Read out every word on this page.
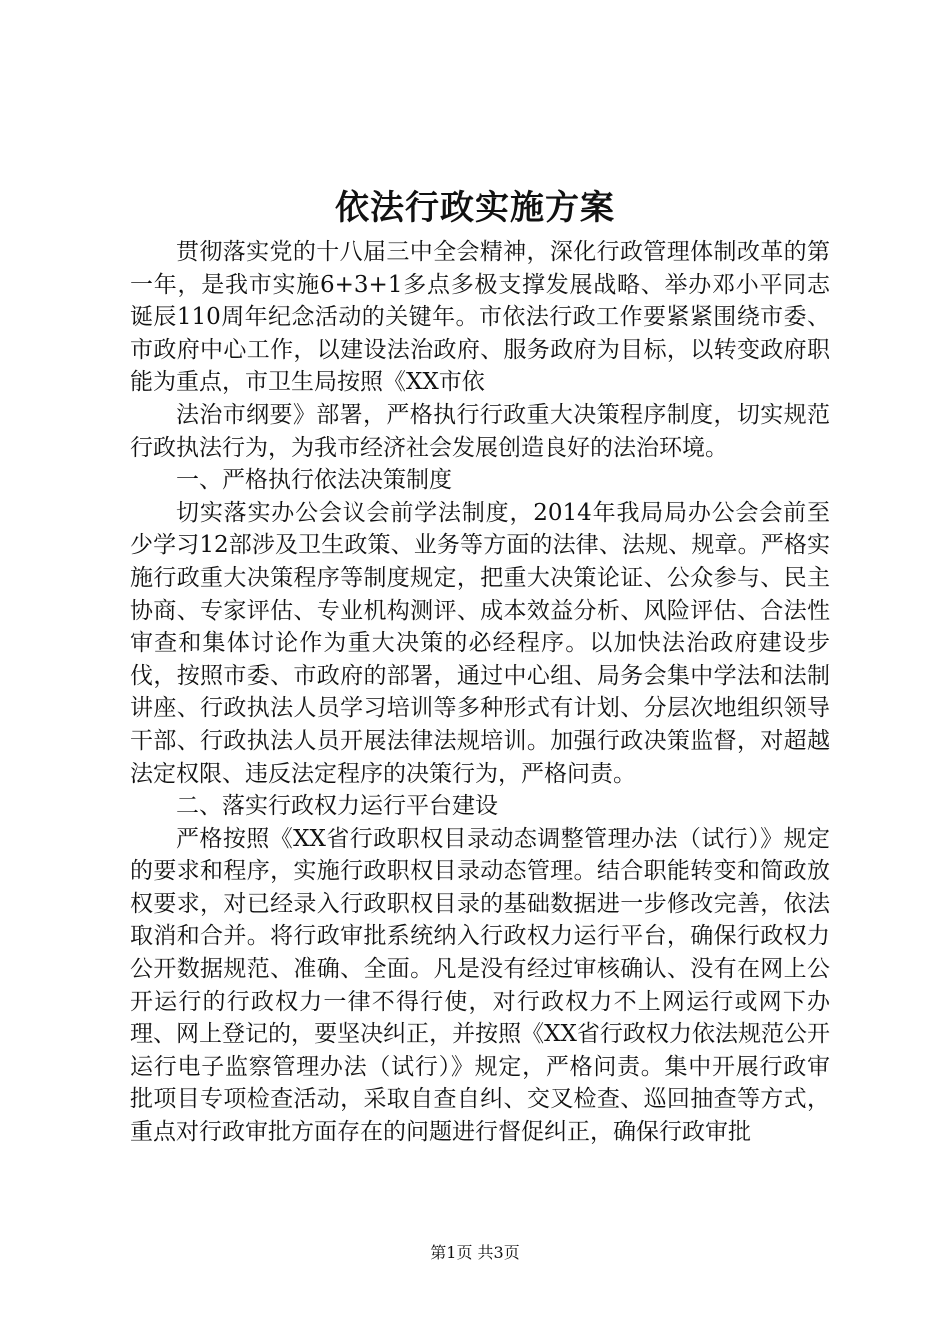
依法行政实施方案

贯彻落实党的十八届三中全会精神，深化行政管理体制改革的第一年，是我市实施6+3+1多点多极支撑发展战略、举办邓小平同志诞辰110周年纪念活动的关键年。市依法行政工作要紧紧围绕市委、市政府中心工作，以建设法治政府、服务政府为目标，以转变政府职能为重点，市卫生局按照《XX市依

法治市纲要》部署，严格执行行政重大决策程序制度，切实规范行政执法行为，为我市经济社会发展创造良好的法治环境。

一、严格执行依法决策制度

切实落实办公会议会前学法制度，2014年我局局办公会会前至少学习12部涉及卫生政策、业务等方面的法律、法规、规章。严格实施行政重大决策程序等制度规定，把重大决策论证、公众参与、民主协商、专家评估、专业机构测评、成本效益分析、风险评估、合法性审查和集体讨论作为重大决策的必经程序。以加快法治政府建设步伐，按照市委、市政府的部署，通过中心组、局务会集中学法和法制讲座、行政执法人员学习培训等多种形式有计划、分层次地组织领导干部、行政执法人员开展法律法规培训。加强行政决策监督，对超越法定权限、违反法定程序的决策行为，严格问责。

二、落实行政权力运行平台建设

严格按照《XX省行政职权目录动态调整管理办法（试行）》规定的要求和程序，实施行政职权目录动态管理。结合职能转变和简政放权要求，对已经录入行政职权目录的基础数据进一步修改完善，依法取消和合并。将行政审批系统纳入行政权力运行平台，确保行政权力公开数据规范、准确、全面。凡是没有经过审核确认、没有在网上公开运行的行政权力一律不得行使，对行政权力不上网运行或网下办理、网上登记的，要坚决纠正，并按照《XX省行政权力依法规范公开运行电子监察管理办法（试行）》规定，严格问责。集中开展行政审批项目专项检查活动，采取自查自纠、交叉检查、巡回抽查等方式，重点对行政审批方面存在的问题进行督促纠正，确保行政审批

第1页 共3页
